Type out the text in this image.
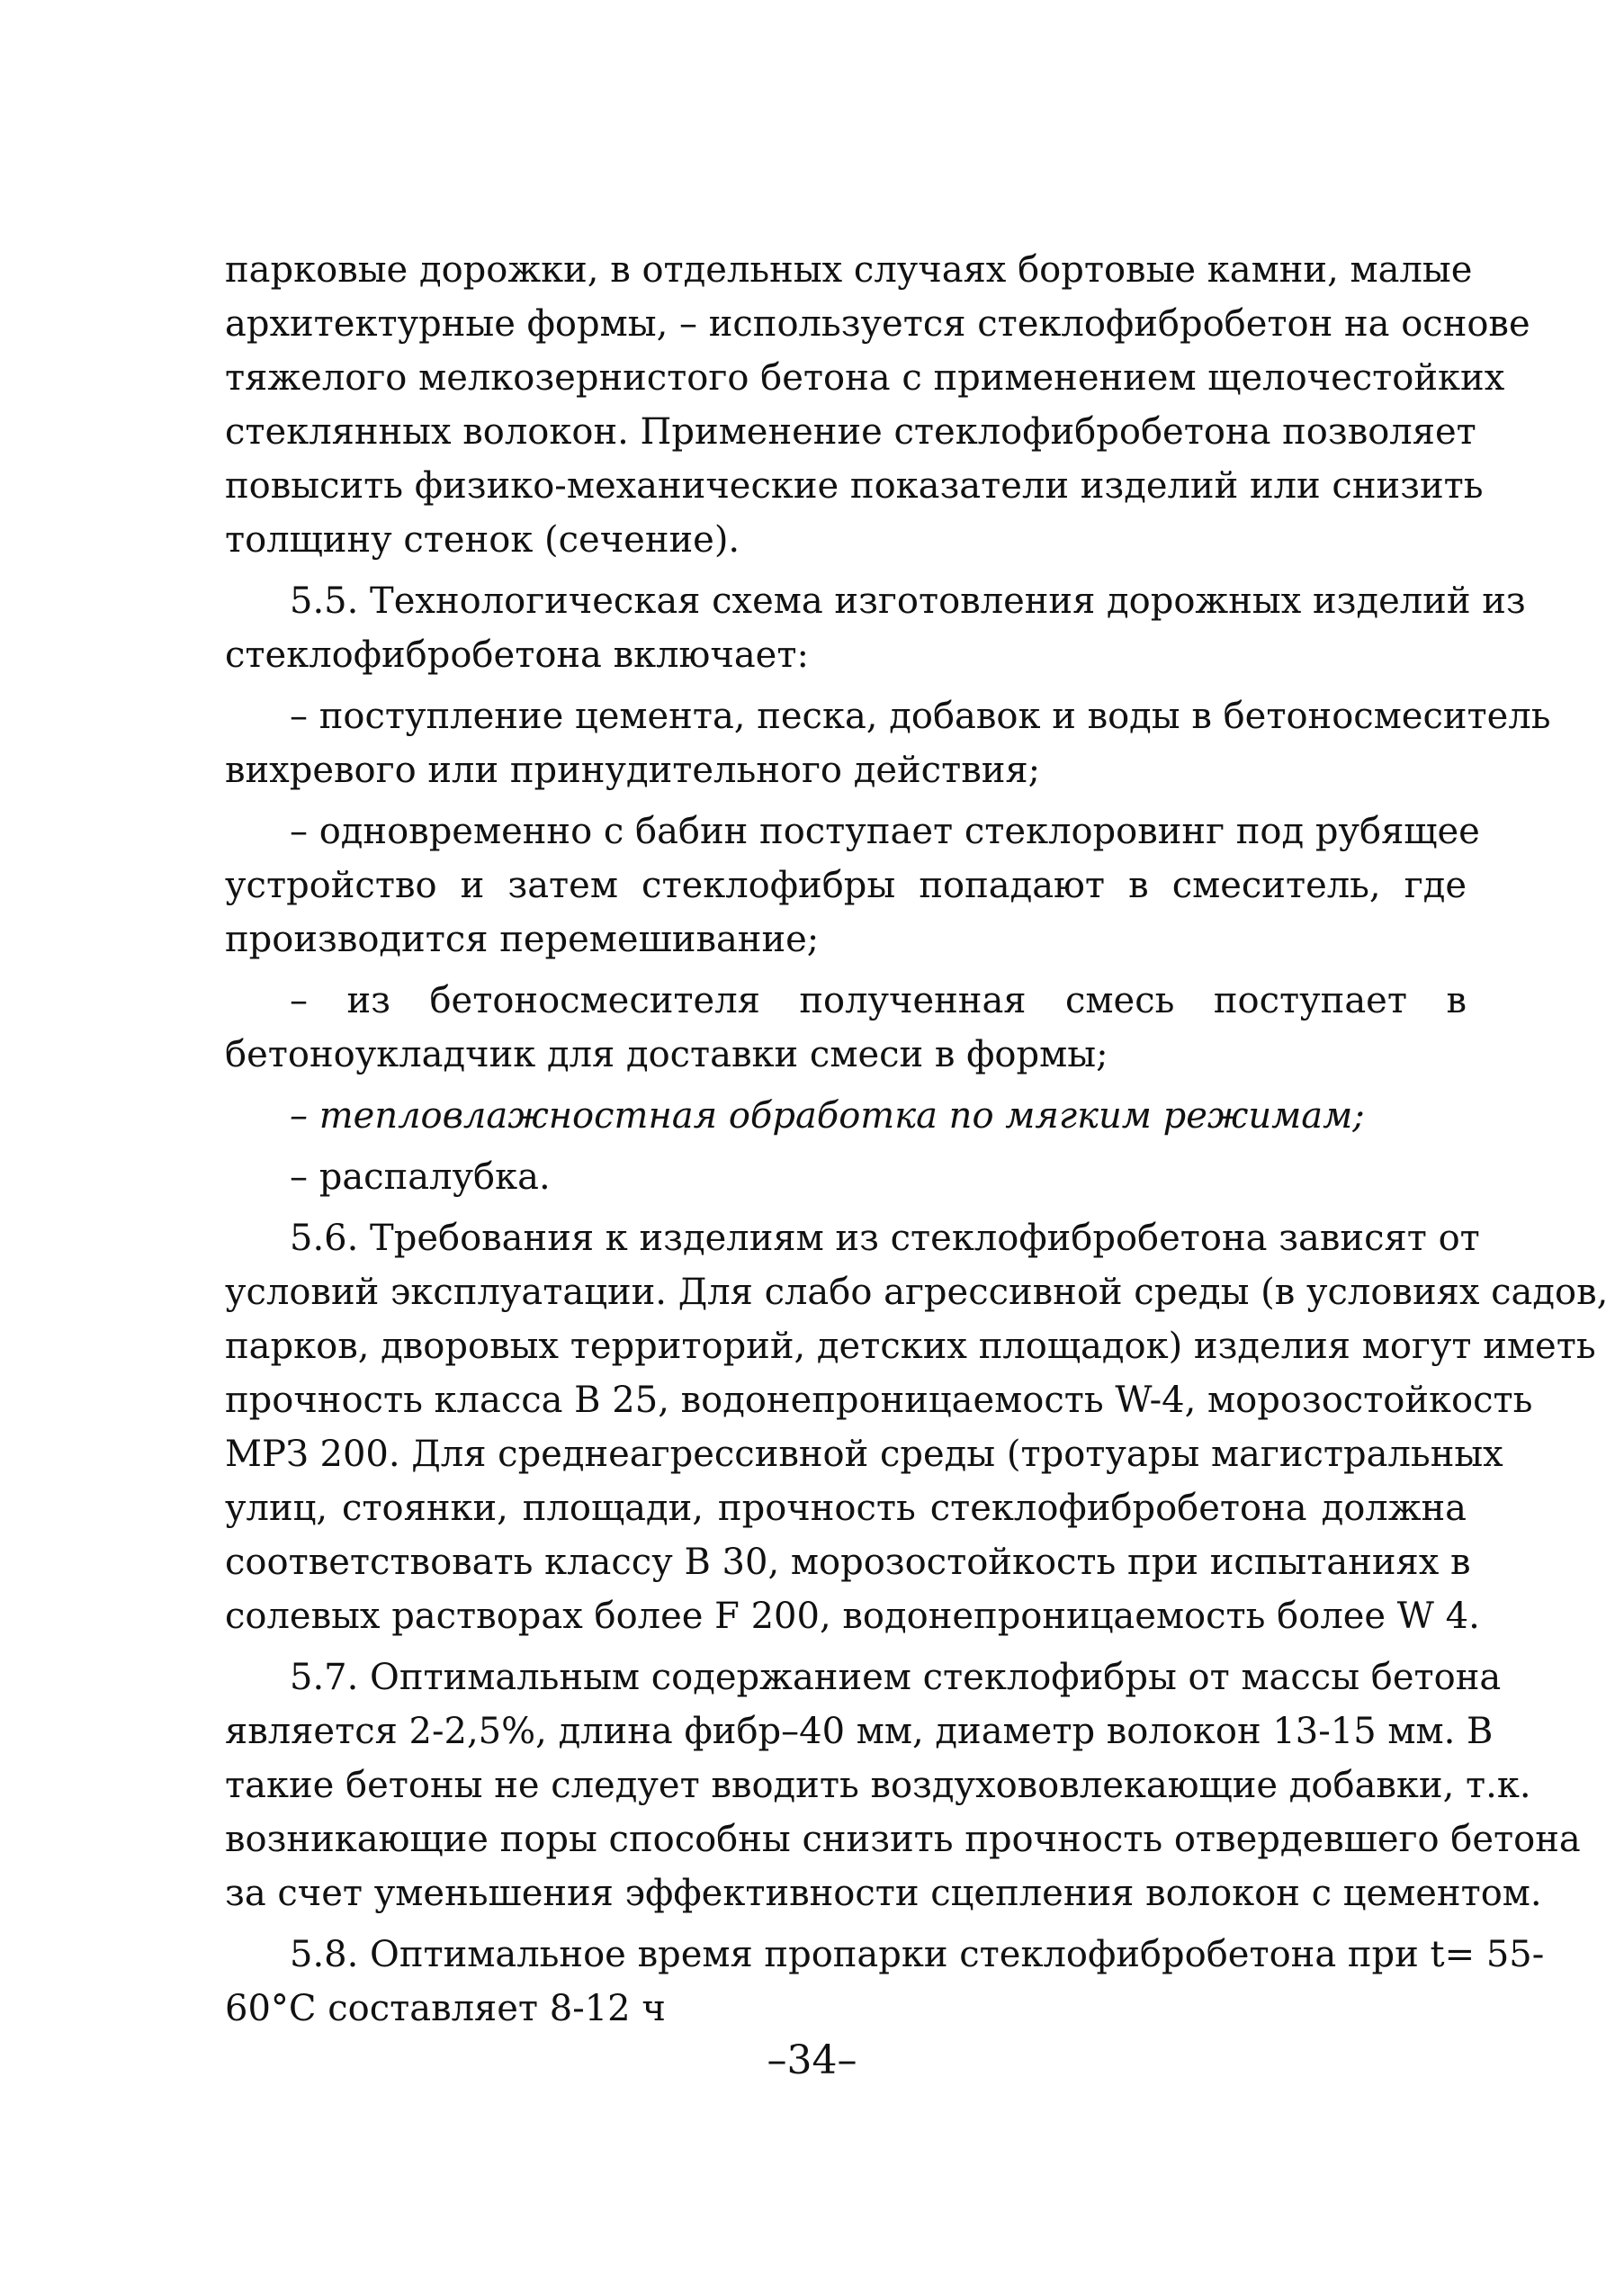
парковые дорожки, в отдельных случаях бортовые камни, малые
архитектурные формы, – используется стеклофибробетон на основе
тяжелого мелкозернистого бетона с применением щелочестойких
стеклянных волокон. Применение стеклофибробетона позволяет
повысить физико-механические показатели изделий или снизить
толщину стенок (сечение).
5.5. Технологическая схема изготовления дорожных изделий из
стеклофибробетона включает:
– поступление цемента, песка, добавок и воды в бетоносмеситель
вихревого или принудительного действия;
– одновременно с бабин поступает стеклоровинг под рубящее
устройство и затем стеклофибры попадают в смеситель, где
производится перемешивание;
– из бетоносмесителя полученная смесь поступает в
бетоноукладчик для доставки смеси в формы;
– тепловлажностная обработка по мягким режимам;
– распалубка.
5.6. Требования к изделиям из стеклофибробетона зависят от
условий эксплуатации. Для слабо агрессивной среды (в условиях садов,
парков, дворовых территорий, детских площадок) изделия могут иметь
прочность класса В 25, водонепроницаемость W-4, морозостойкость
МРЗ 200. Для среднеагрессивной среды (тротуары магистральных
улиц, стоянки, площади, прочность стеклофибробетона должна
соответствовать классу В 30, морозостойкость при испытаниях в
солевых растворах более F 200, водонепроницаемость более W 4.
5.7. Оптимальным содержанием стеклофибры от массы бетона
является 2-2,5%, длина фибр–40 мм, диаметр волокон 13-15 мм. В
такие бетоны не следует вводить воздухововлекающие добавки, т.к.
возникающие поры способны снизить прочность отвердевшего бетона
за счет уменьшения эффективности сцепления волокон с цементом.
5.8. Оптимальное время пропарки стеклофибробетона при t= 55-
60°С составляет 8-12 ч
–34–
